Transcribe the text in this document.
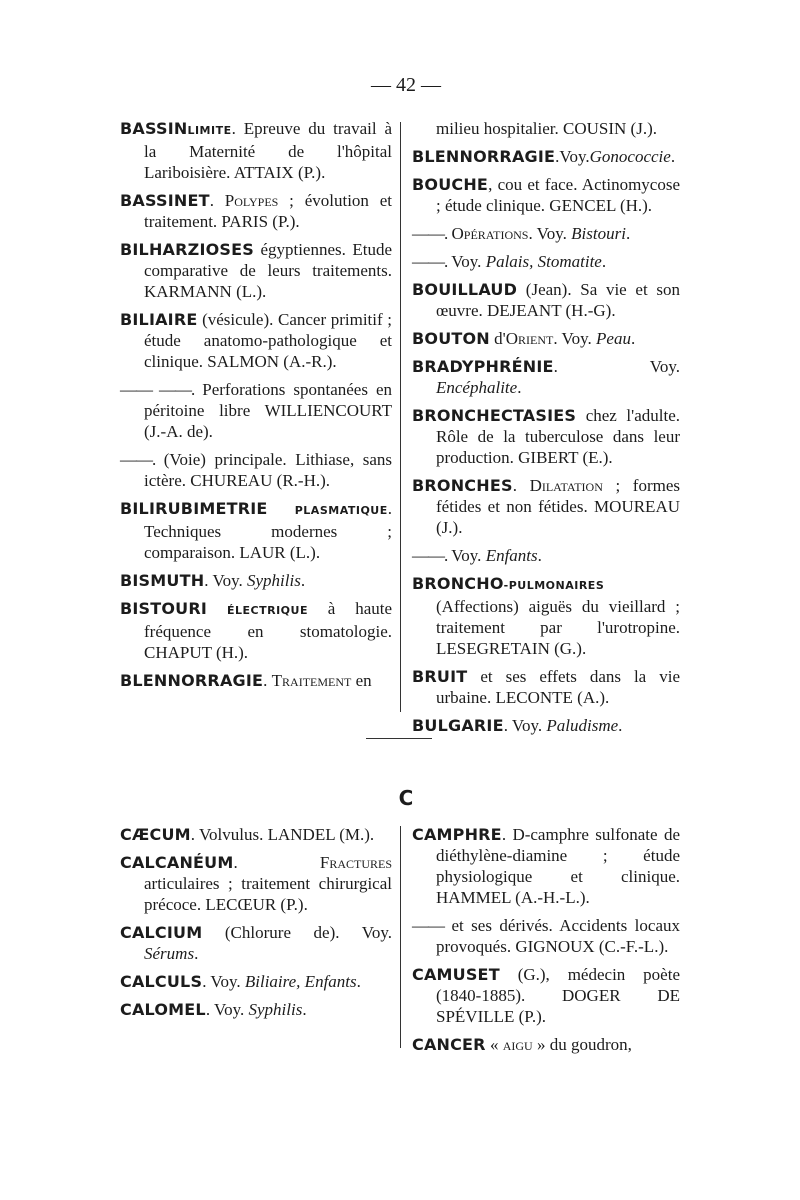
— 42 —

BASSINLIMITE. Epreuve du travail à la Maternité de l'hôpital Lariboisière. ATTAIX (P.).

BASSINET. Polypes ; évolution et traitement. PARIS (P.).

BILHARZIOSES égyptiennes. Etude comparative de leurs traitements. KARMANN (L.).

BILIAIRE (vésicule). Cancer primitif ; étude anatomo-pathologique et clinique. SALMON (A.-R.).

—— ——. Perforations spontanées en péritoine libre WILLIENCOURT (J.-A. de).

——. (Voie) principale. Lithiase, sans ictère. CHUREAU (R.-H.).

BILIRUBIMETRIE PLASMATIQUE. Techniques modernes ; comparaison. LAUR (L.).

BISMUTH. Voy. Syphilis.

BISTOURI ÉLECTRIQUE à haute fréquence en stomatologie. CHAPUT (H.).

BLENNORRAGIE. Traitement en

milieu hospitalier. COUSIN (J.).

BLENNORRAGIE.Voy.Gonococcie.

BOUCHE, cou et face. Actinomycose ; étude clinique. GENCEL (H.).

——. Opérations. Voy. Bistouri.

——. Voy. Palais, Stomatite.

BOUILLAUD (Jean). Sa vie et son œuvre. DEJEANT (H.-G).

BOUTON d'Orient. Voy. Peau.

BRADYPHRÉNIE. Voy. Encéphalite.

BRONCHECTASIES chez l'adulte. Rôle de la tuberculose dans leur production. GIBERT (E.).

BRONCHES. Dilatation ; formes fétides et non fétides. MOUREAU (J.).

——. Voy. Enfants.

BRONCHO-PULMONAIRES (Affections) aiguës du vieillard ; traitement par l'urotropine. LESEGRETAIN (G.).

BRUIT et ses effets dans la vie urbaine. LECONTE (A.).

BULGARIE. Voy. Paludisme.

C

CÆCUM. Volvulus. LANDEL (M.).

CALCANÉUM. Fractures articulaires ; traitement chirurgical précoce. LECŒUR (P.).

CALCIUM (Chlorure de). Voy. Sérums.

CALCULS. Voy. Biliaire, Enfants.

CALOMEL. Voy. Syphilis.

CAMPHRE. D-camphre sulfonate de diéthylène-diamine ; étude physiologique et clinique. HAMMEL (A.-H.-L.).

—— et ses dérivés. Accidents locaux provoqués. GIGNOUX (C.-F.-L.).

CAMUSET (G.), médecin poète (1840-1885). DOGER DE SPÉVILLE (P.).

CANCER « aigu » du goudron,
